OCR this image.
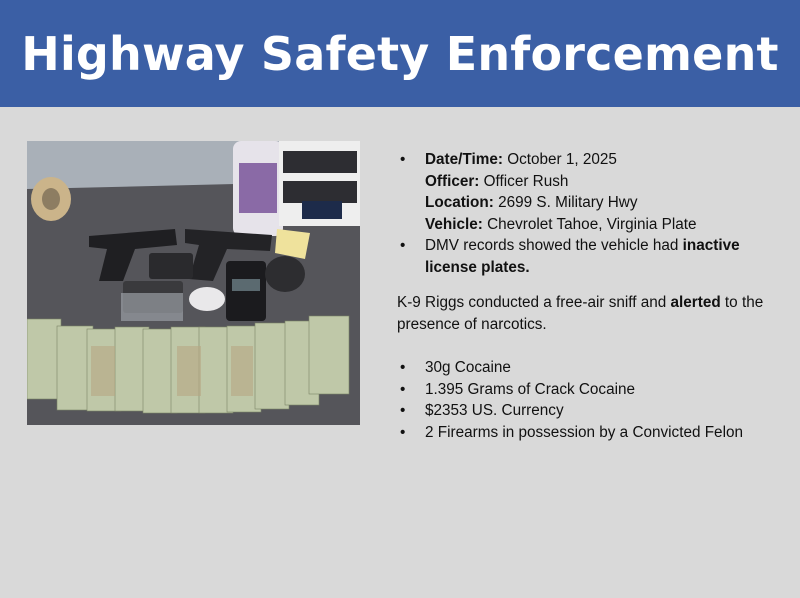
Highway Safety Enforcement
• Date/Time: October 1, 2025
Officer: Officer Rush
Location: 2699 S. Military Hwy
Vehicle: Chevrolet Tahoe, Virginia Plate
• DMV records showed the vehicle had inactive license plates.

K-9 Riggs conducted a free-air sniff and alerted to the presence of narcotics.

• 30g Cocaine
• 1.395 Grams of Crack Cocaine
• $2353 US. Currency
• 2 Firearms in possession by a Convicted Felon
